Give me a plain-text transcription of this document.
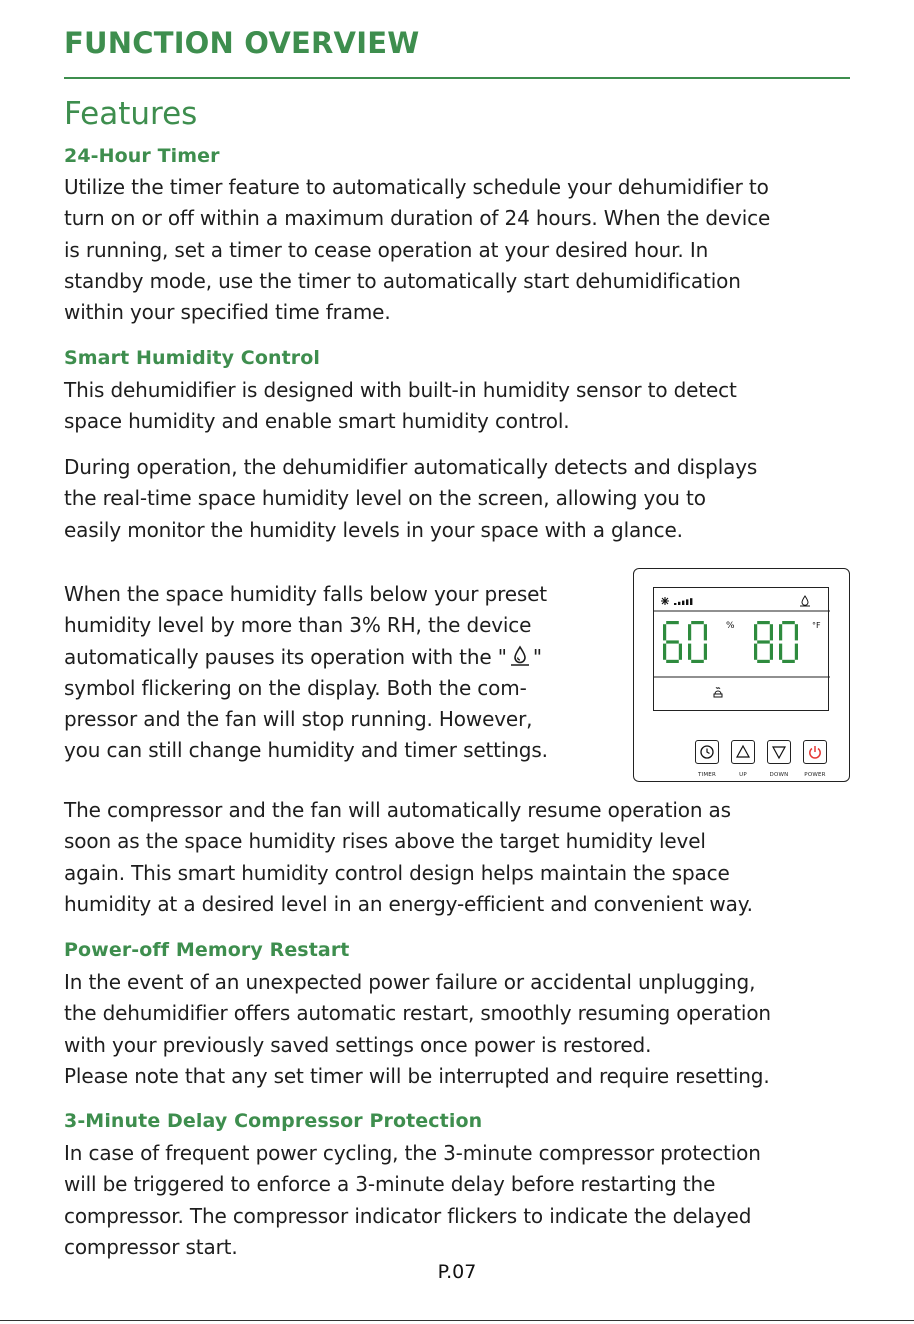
FUNCTION OVERVIEW
Features
24-Hour Timer

Utilize the timer feature to automatically schedule your dehumidifier to
turn on or off within a maximum duration of 24 hours. When the device
is running, set a timer to cease operation at your desired hour. In
standby mode, use the timer to automatically start dehumidification
within your specified time frame.

Smart Humidity Control

This dehumidifier is designed with built-in humidity sensor to detect
space humidity and enable smart humidity control.

During operation, the dehumidifier automatically detects and displays
the real-time space humidity level on the screen, allowing you to
easily monitor the humidity levels in your space with a glance.

When the space humidity falls below your preset
humidity level by more than 3% RH, the device
automatically pauses its operation with the " "
symbol flickering on the display. Both the com-
pressor and the fan will stop running. However,
you can still change humidity and timer settings.

%	°F
TIMER	UP	DOWN	POWER

The compressor and the fan will automatically resume operation as
soon as the space humidity rises above the target humidity level
again. This smart humidity control design helps maintain the space
humidity at a desired level in an energy-efficient and convenient way.

Power-off Memory Restart

In the event of an unexpected power failure or accidental unplugging,
the dehumidifier offers automatic restart, smoothly resuming operation
with your previously saved settings once power is restored.
Please note that any set timer will be interrupted and require resetting.

3-Minute Delay Compressor Protection

In case of frequent power cycling, the 3-minute compressor protection
will be triggered to enforce a 3-minute delay before restarting the
compressor. The compressor indicator flickers to indicate the delayed
compressor start.

P.07
